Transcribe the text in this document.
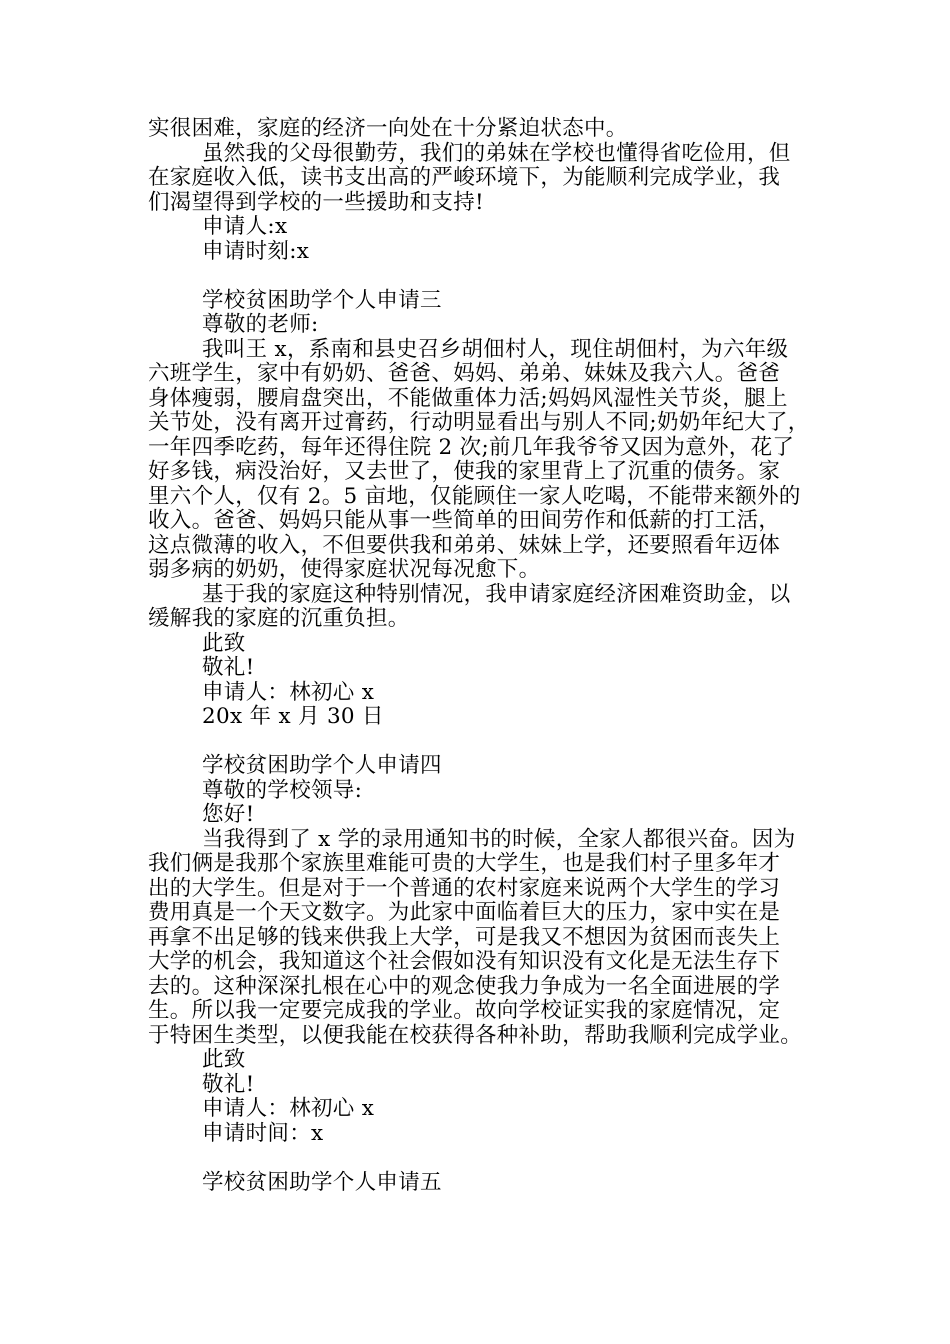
实很困难，家庭的经济一向处在十分紧迫状态中。
虽然我的父母很勤劳，我们的弟妹在学校也懂得省吃俭用，但
在家庭收入低，读书支出高的严峻环境下，为能顺利完成学业，我
们渴望得到学校的一些援助和支持!
申请人:x
申请时刻:x
学校贫困助学个人申请三
尊敬的老师:
我叫王 x，系南和县史召乡胡佃村人，现住胡佃村，为六年级
六班学生，家中有奶奶、爸爸、妈妈、弟弟、妹妹及我六人。爸爸
身体瘦弱，腰肩盘突出，不能做重体力活;妈妈风湿性关节炎，腿上
关节处，没有离开过膏药，行动明显看出与别人不同;奶奶年纪大了，
一年四季吃药，每年还得住院 2 次;前几年我爷爷又因为意外，花了
好多钱，病没治好，又去世了，使我的家里背上了沉重的债务。家
里六个人，仅有 2。5 亩地，仅能顾住一家人吃喝，不能带来额外的
收入。爸爸、妈妈只能从事一些简单的田间劳作和低薪的打工活，
这点微薄的收入，不但要供我和弟弟、妹妹上学，还要照看年迈体
弱多病的奶奶，使得家庭状况每况愈下。
基于我的家庭这种特别情况，我申请家庭经济困难资助金，以
缓解我的家庭的沉重负担。
此致
敬礼!
申请人：林初心 x
20x 年 x 月 30 日
学校贫困助学个人申请四
尊敬的学校领导:
您好!
当我得到了 x 学的录用通知书的时候，全家人都很兴奋。因为
我们俩是我那个家族里难能可贵的大学生，也是我们村子里多年才
出的大学生。但是对于一个普通的农村家庭来说两个大学生的学习
费用真是一个天文数字。为此家中面临着巨大的压力，家中实在是
再拿不出足够的钱来供我上大学，可是我又不想因为贫困而丧失上
大学的机会，我知道这个社会假如没有知识没有文化是无法生存下
去的。这种深深扎根在心中的观念使我力争成为一名全面进展的学
生。所以我一定要完成我的学业。故向学校证实我的家庭情况，定
于特困生类型，以便我能在校获得各种补助，帮助我顺利完成学业。
此致
敬礼!
申请人：林初心 x
申请时间：x
学校贫困助学个人申请五
